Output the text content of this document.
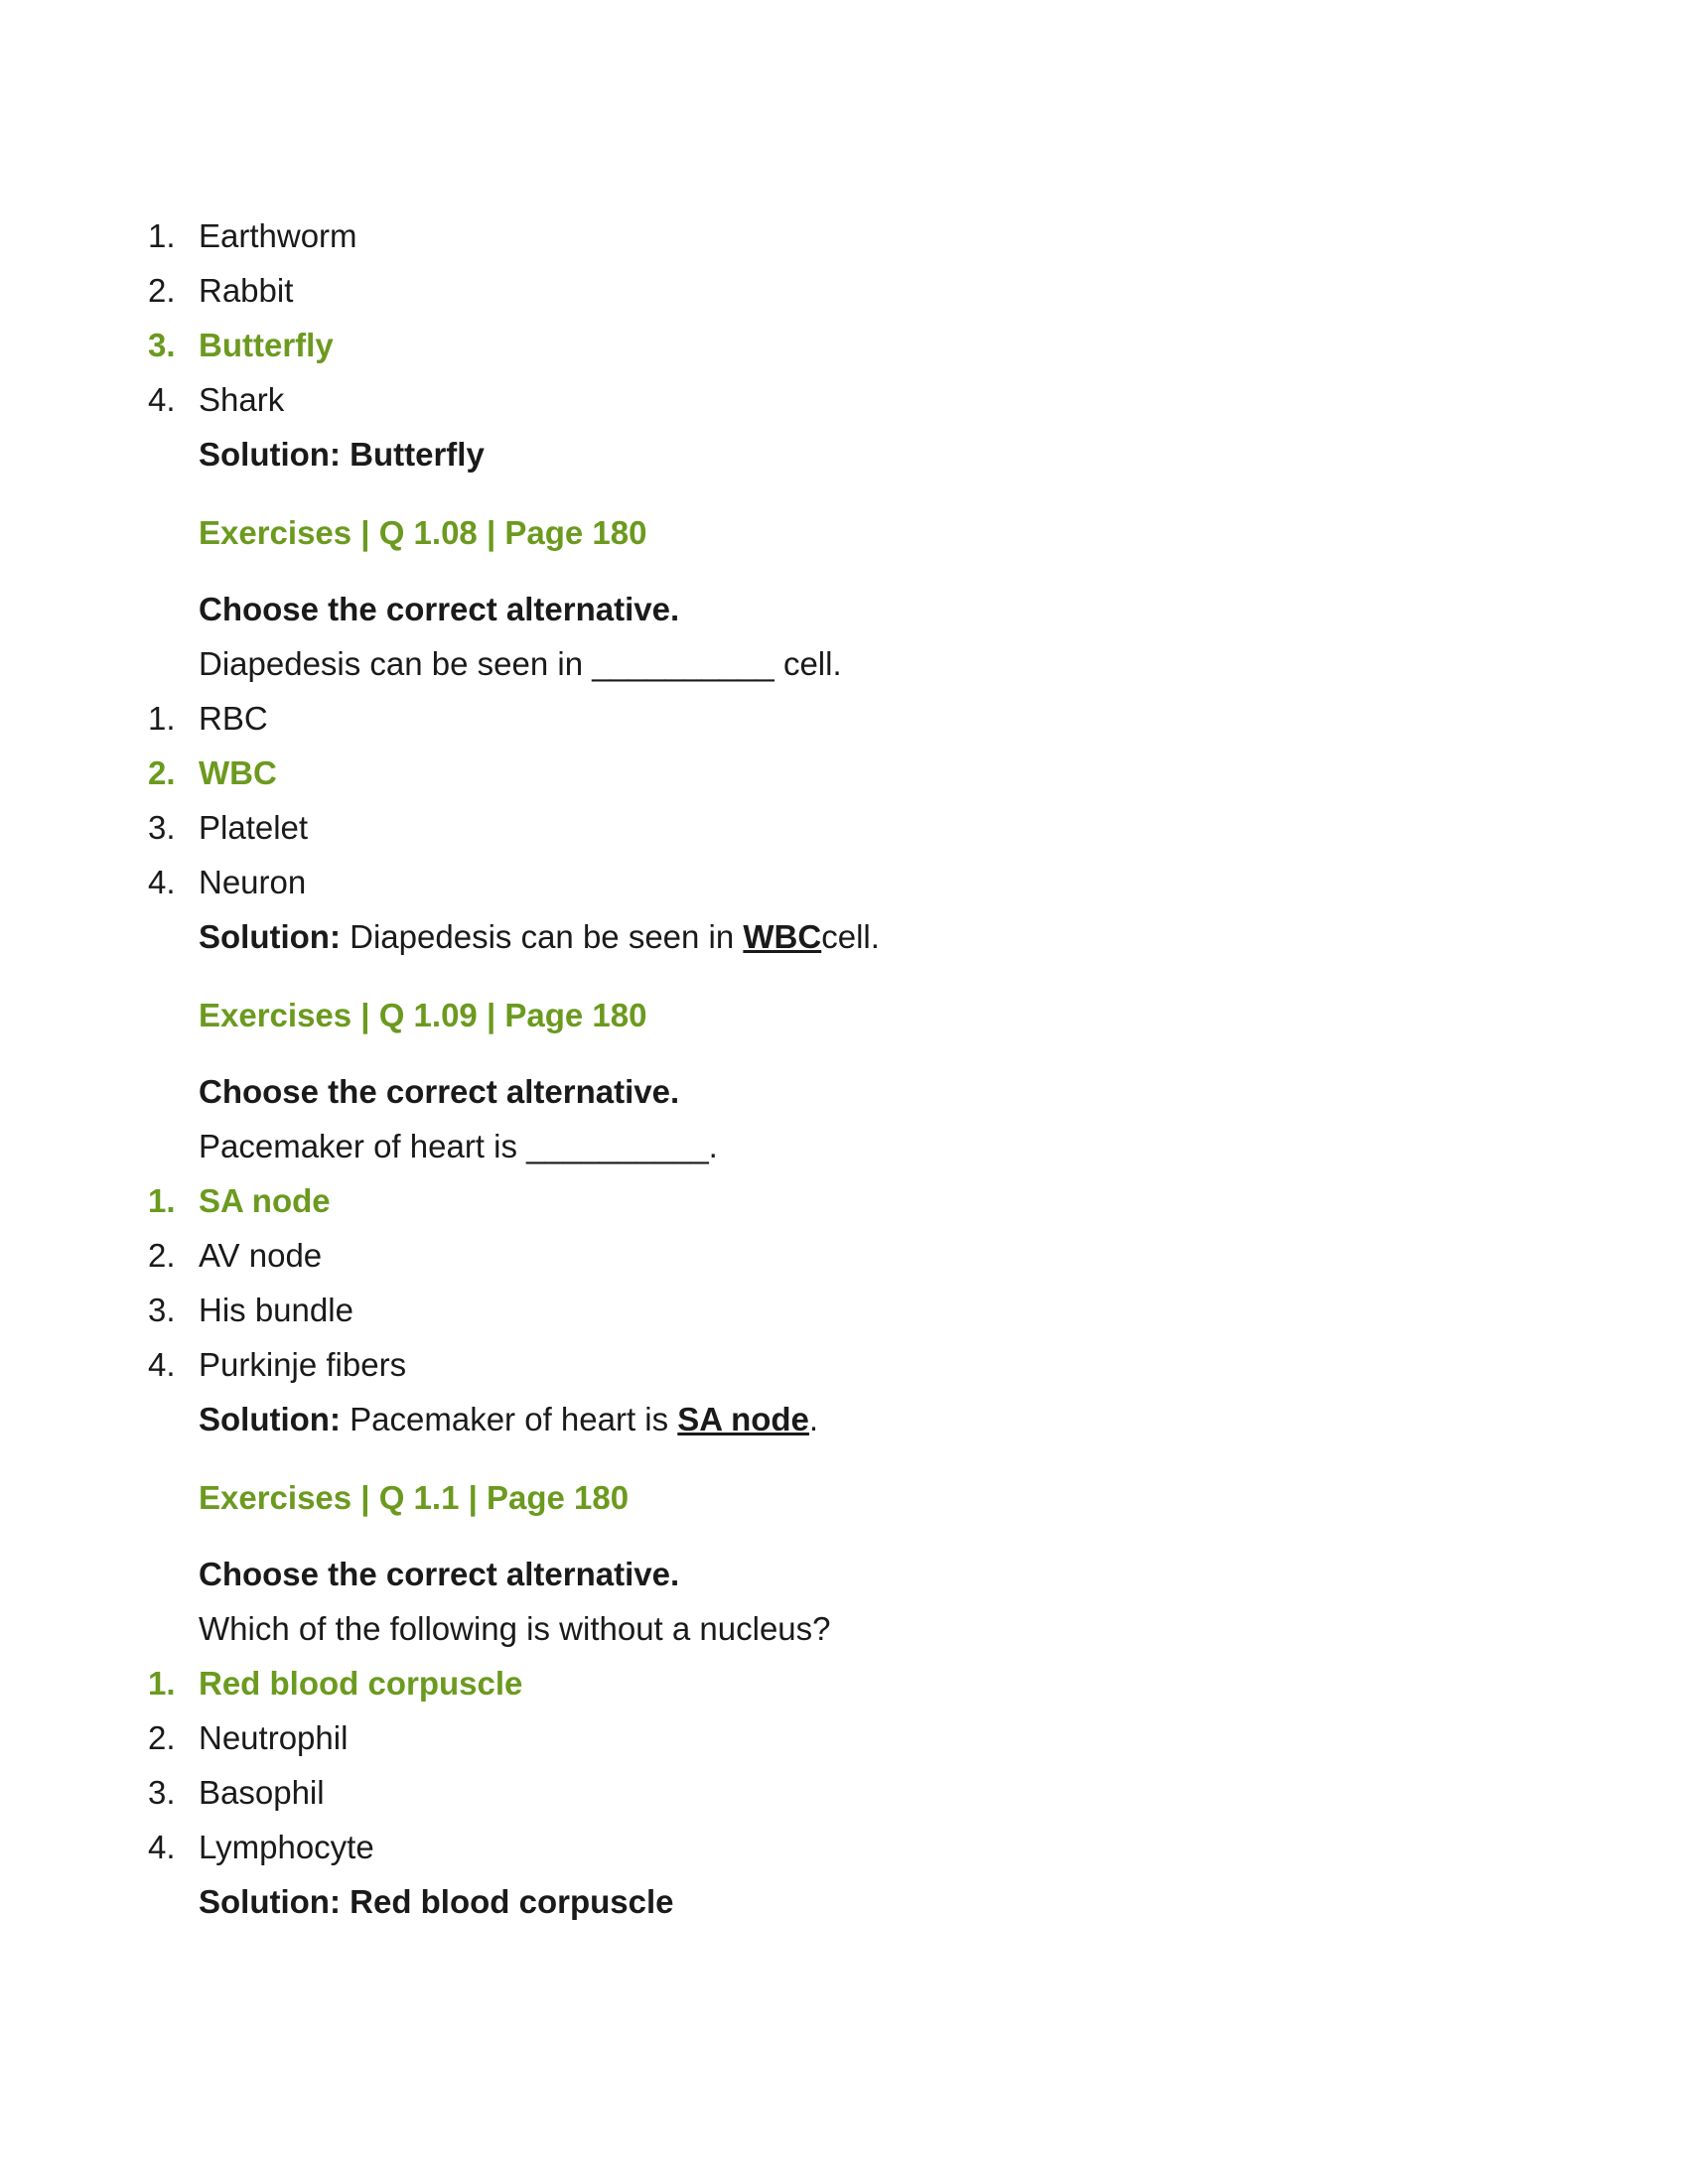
1. Earthworm
2. Rabbit
3. Butterfly
4. Shark
Solution: Butterfly
Exercises | Q 1.08 | Page 180
Choose the correct alternative.
Diapedesis can be seen in __________ cell.
1. RBC
2. WBC
3. Platelet
4. Neuron
Solution: Diapedesis can be seen in WBCcell.
Exercises | Q 1.09 | Page 180
Choose the correct alternative.
Pacemaker of heart is __________.
1. SA node
2. AV node
3. His bundle
4. Purkinje fibers
Solution: Pacemaker of heart is SA node.
Exercises | Q 1.1 | Page 180
Choose the correct alternative.
Which of the following is without a nucleus?
1. Red blood corpuscle
2. Neutrophil
3. Basophil
4. Lymphocyte
Solution: Red blood corpuscle
